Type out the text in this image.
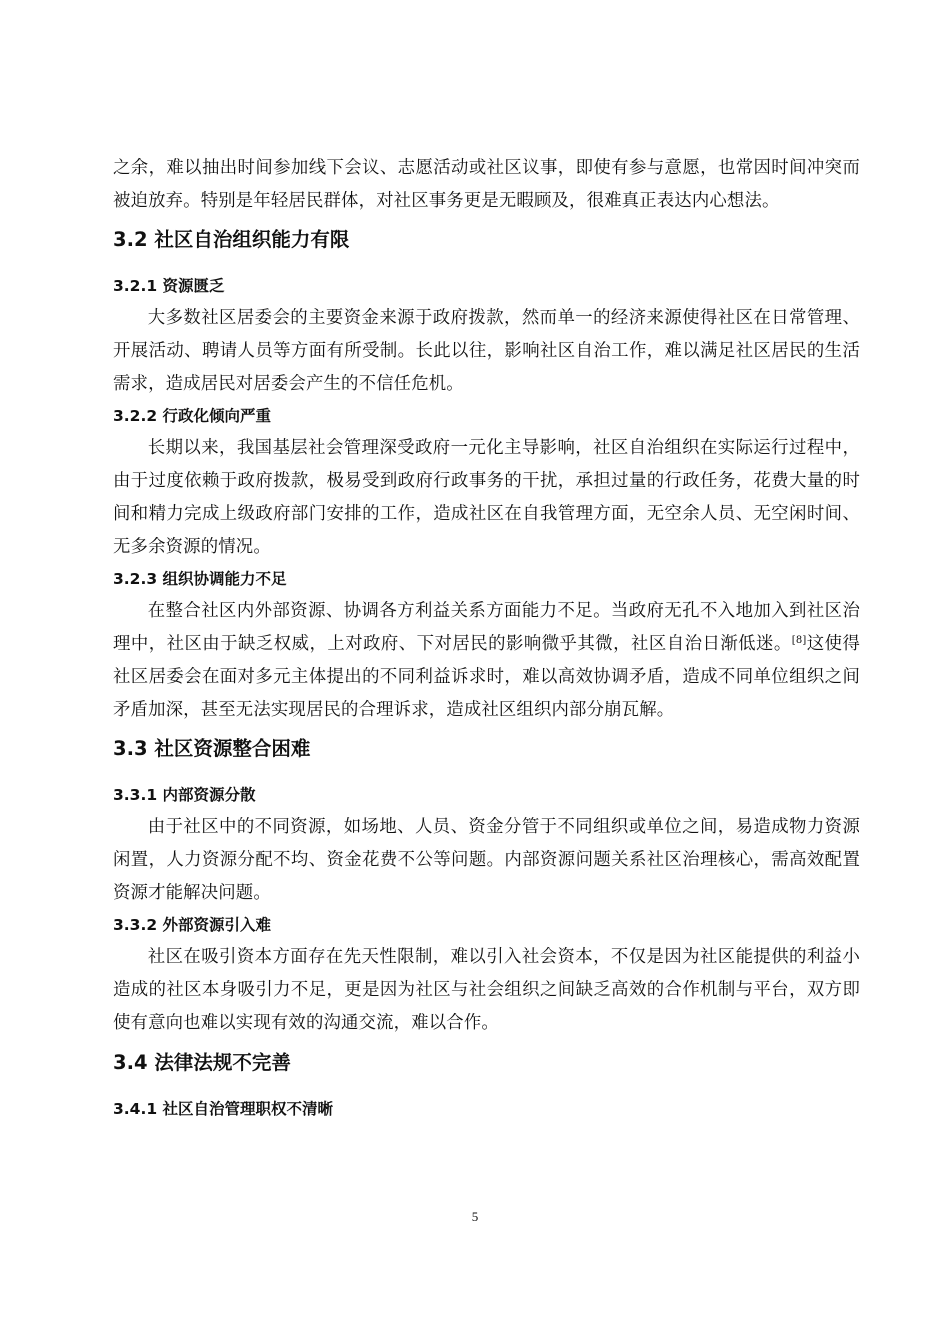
之余，难以抽出时间参加线下会议、志愿活动或社区议事，即使有参与意愿，也常因时间冲突而被迫放弃。特别是年轻居民群体，对社区事务更是无暇顾及，很难真正表达内心想法。

3.2 社区自治组织能力有限
3.2.1 资源匮乏

大多数社区居委会的主要资金来源于政府拨款，然而单一的经济来源使得社区在日常管理、开展活动、聘请人员等方面有所受制。长此以往，影响社区自治工作，难以满足社区居民的生活需求，造成居民对居委会产生的不信任危机。

3.2.2 行政化倾向严重

长期以来，我国基层社会管理深受政府一元化主导影响，社区自治组织在实际运行过程中，由于过度依赖于政府拨款，极易受到政府行政事务的干扰，承担过量的行政任务，花费大量的时间和精力完成上级政府部门安排的工作，造成社区在自我管理方面，无空余人员、无空闲时间、无多余资源的情况。

3.2.3 组织协调能力不足

在整合社区内外部资源、协调各方利益关系方面能力不足。当政府无孔不入地加入到社区治理中，社区由于缺乏权威，上对政府、下对居民的影响微乎其微，社区自治日渐低迷。[8]这使得社区居委会在面对多元主体提出的不同利益诉求时，难以高效协调矛盾，造成不同单位组织之间矛盾加深，甚至无法实现居民的合理诉求，造成社区组织内部分崩瓦解。

3.3 社区资源整合困难
3.3.1 内部资源分散

由于社区中的不同资源，如场地、人员、资金分管于不同组织或单位之间，易造成物力资源闲置，人力资源分配不均、资金花费不公等问题。内部资源问题关系社区治理核心，需高效配置资源才能解决问题。

3.3.2 外部资源引入难

社区在吸引资本方面存在先天性限制，难以引入社会资本，不仅是因为社区能提供的利益小造成的社区本身吸引力不足，更是因为社区与社会组织之间缺乏高效的合作机制与平台，双方即使有意向也难以实现有效的沟通交流，难以合作。

3.4 法律法规不完善
3.4.1 社区自治管理职权不清晰
5
